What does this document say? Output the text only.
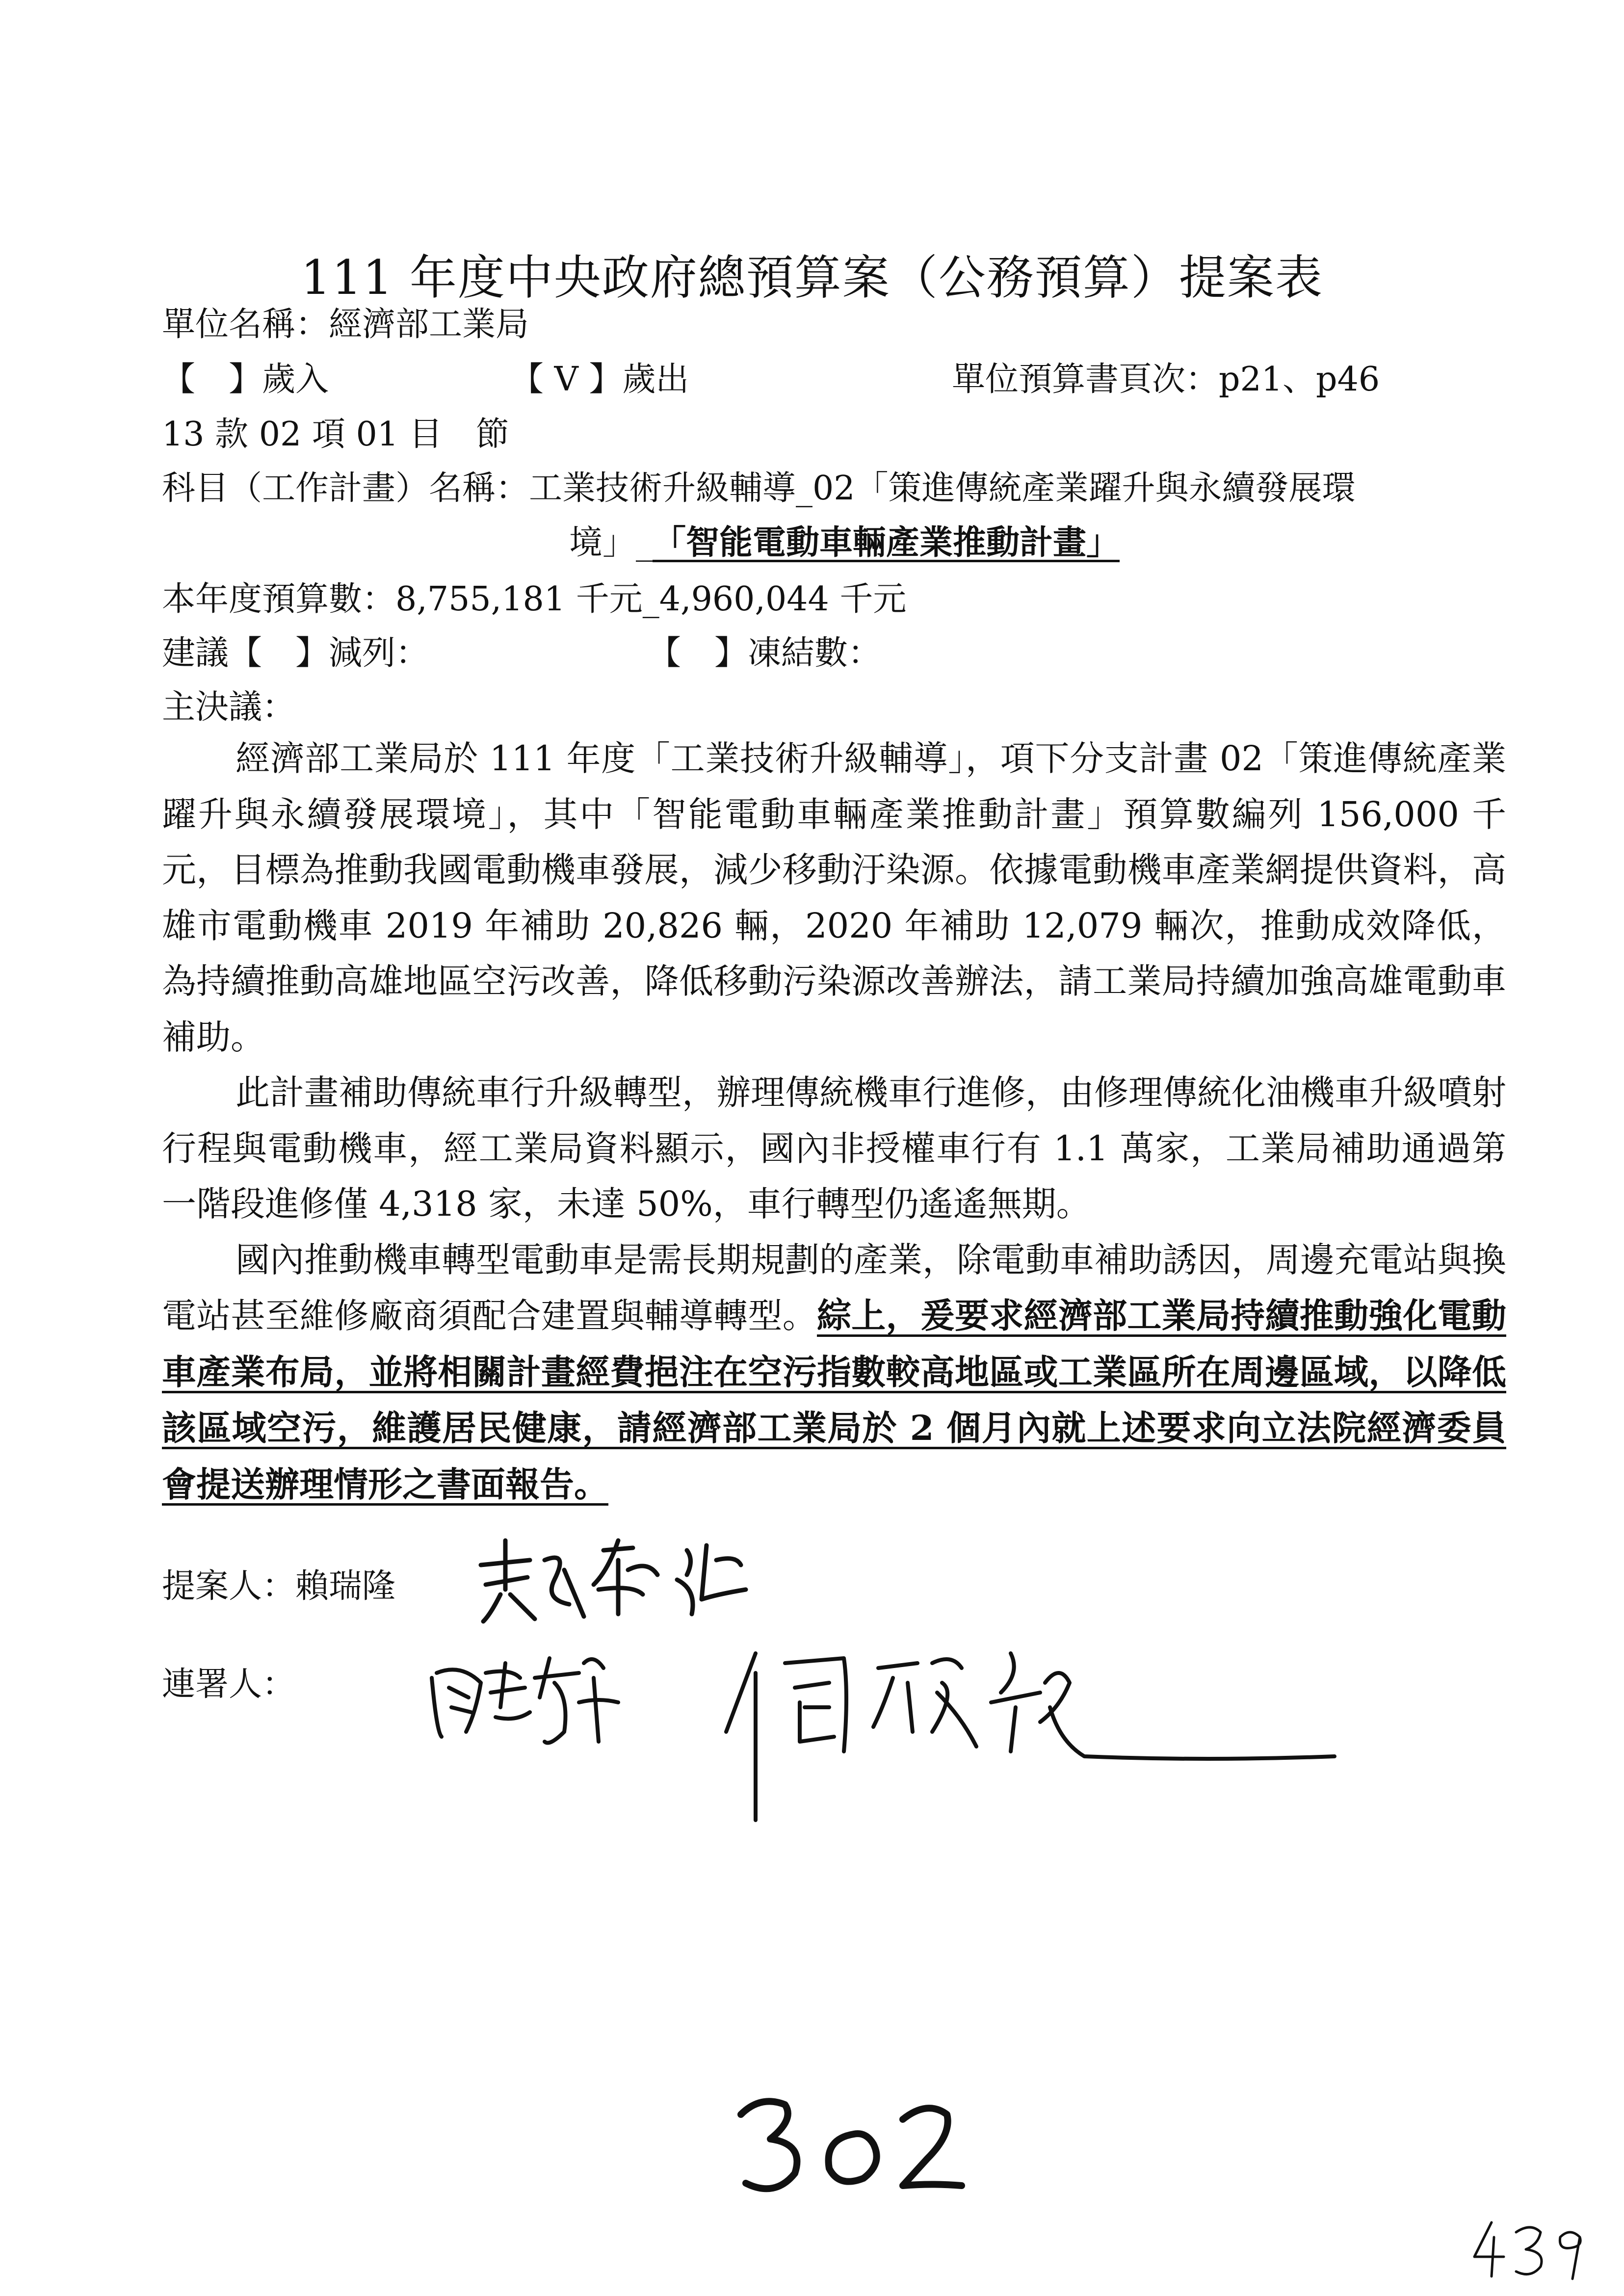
111 年度中央政府總預算案（公務預算）提案表
單位名稱：經濟部工業局
【　】歲入	【 V 】歲出	單位預算書頁次：p21、p46
13 款 02 項 01 目　節
科目（工作計畫）名稱：工業技術升級輔導_02「策進傳統產業躍升與永續發展環
境」_「智能電動車輛產業推動計畫」
本年度預算數：8,755,181 千元_4,960,044 千元
建議【　】減列：	【　】凍結數：
主決議：

經濟部工業局於 111 年度「工業技術升級輔導」，項下分支計畫 02「策進傳統產業躍升與永續發展環境」，其中「智能電動車輛產業推動計畫」預算數編列 156,000 千元，目標為推動我國電動機車發展，減少移動汙染源。依據電動機車產業網提供資料，高雄市電動機車 2019 年補助 20,826 輛，2020 年補助 12,079 輛次，推動成效降低，為持續推動高雄地區空污改善，降低移動污染源改善辦法，請工業局持續加強高雄電動車補助。

此計畫補助傳統車行升級轉型，辦理傳統機車行進修，由修理傳統化油機車升級噴射行程與電動機車，經工業局資料顯示，國內非授權車行有 1.1 萬家，工業局補助通過第一階段進修僅 4,318 家，未達 50%，車行轉型仍遙遙無期。

國內推動機車轉型電動車是需長期規劃的產業，除電動車補助誘因，周邊充電站與換電站甚至維修廠商須配合建置與輔導轉型。綜上，爰要求經濟部工業局持續推動強化電動車產業布局，並將相關計畫經費挹注在空污指數較高地區或工業區所在周邊區域，以降低該區域空污，維護居民健康，請經濟部工業局於 2 個月內就上述要求向立法院經濟委員會提送辦理情形之書面報告。

提案人：賴瑞隆
連署人：
